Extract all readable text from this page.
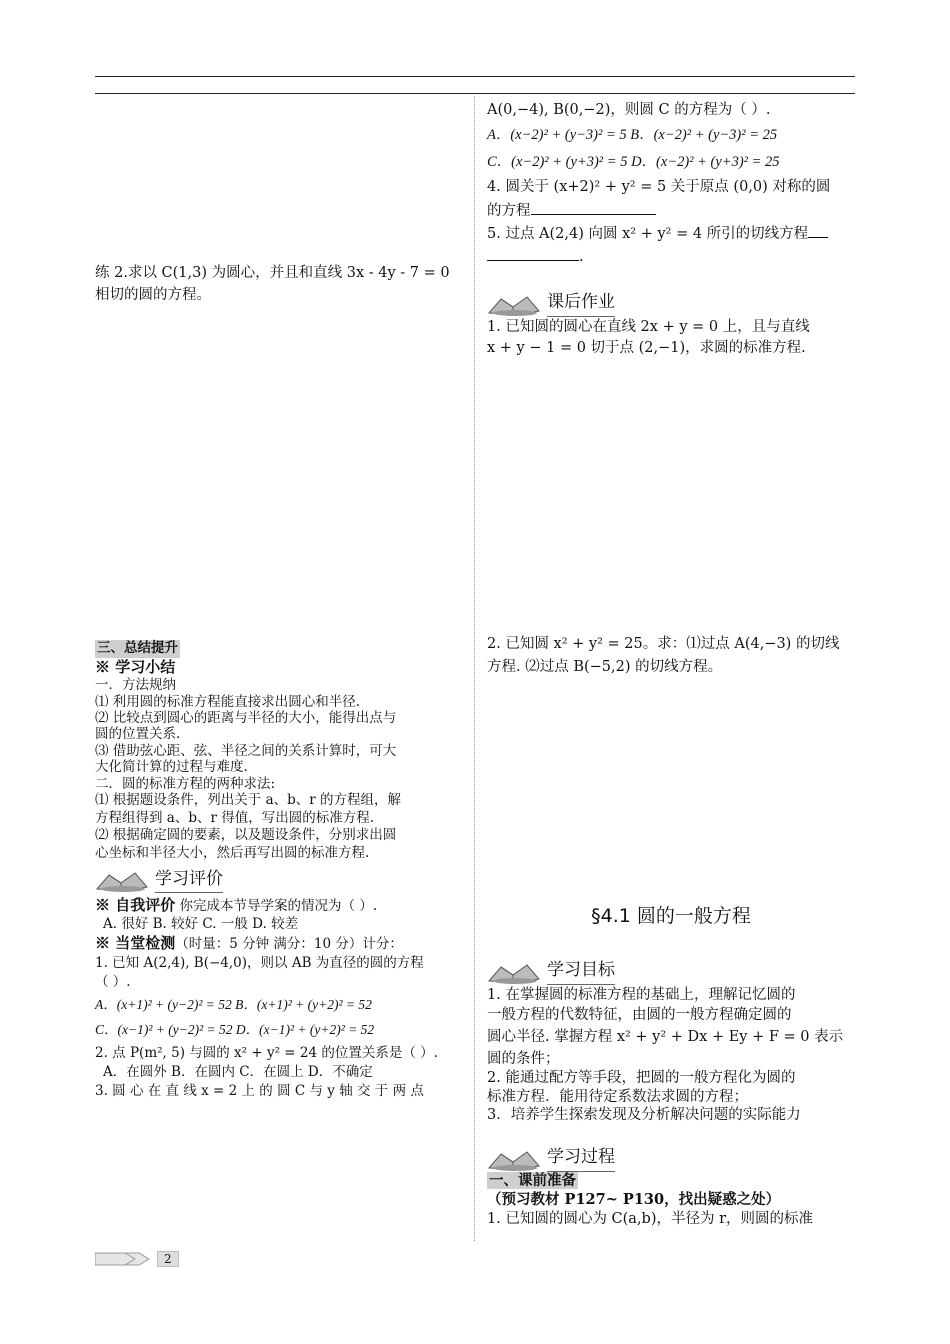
练 2.求以 C(1,3) 为圆心，并且和直线 3x - 4y - 7 = 0

相切的圆的方程。

三、总结提升

※ 学习小结

一．方法规纳

⑴ 利用圆的标准方程能直接求出圆心和半径.

⑵ 比较点到圆心的距离与半径的大小，能得出点与

圆的位置关系.

⑶ 借助弦心距、弦、半径之间的关系计算时，可大

大化简计算的过程与难度.

二．圆的标准方程的两种求法:

⑴ 根据题设条件，列出关于 a、b、r 的方程组，解

方程组得到 a、b、r 得值，写出圆的标准方程.

⑵ 根据确定圆的要素，以及题设条件，分别求出圆

心坐标和半径大小，然后再写出圆的标准方程.

学习评价

※ 自我评价 你完成本节导学案的情况为（ ）.

A. 很好 B. 较好 C. 一般 D. 较差

※ 当堂检测（时量：5 分钟 满分：10 分）计分：

1. 已知 A(2,4), B(−4,0)，则以 AB 为直径的圆的方程

（ ）.

A．(x+1)² + (y−2)² = 52 B．(x+1)² + (y+2)² = 52

C．(x−1)² + (y−2)² = 52 D．(x−1)² + (y+2)² = 52

2. 点 P(m², 5) 与圆的 x² + y² = 24 的位置关系是（ ）.

A．在圆外 B．在圆内 C．在圆上 D．不确定

3. 圆 心 在 直 线 x = 2 上 的 圆 C 与 y 轴 交 于 两 点

A(0,−4), B(0,−2)，则圆 C 的方程为（ ）.

A．(x−2)² + (y−3)² = 5 B．(x−2)² + (y−3)² = 25

C．(x−2)² + (y+3)² = 5 D．(x−2)² + (y+3)² = 25

4. 圆关于 (x+2)² + y² = 5 关于原点 (0,0) 对称的圆

的方程

5. 过点 A(2,4) 向圆 x² + y² = 4 所引的切线方程

.

课后作业

1. 已知圆的圆心在直线 2x + y = 0 上，且与直线

x + y − 1 = 0 切于点 (2,−1)，求圆的标准方程.

2. 已知圆 x² + y² = 25。求：⑴过点 A(4,−3) 的切线

方程. ⑵过点 B(−5,2) 的切线方程。

§4.1 圆的一般方程
学习目标

1. 在掌握圆的标准方程的基础上，理解记忆圆的

一般方程的代数特征，由圆的一般方程确定圆的

圆心半径. 掌握方程 x² + y² + Dx + Ey + F = 0 表示

圆的条件；

2. 能通过配方等手段，把圆的一般方程化为圆的

标准方程．能用待定系数法求圆的方程；

3．培养学生探索发现及分析解决问题的实际能力

学习过程

一、课前准备

（预习教材 P127~ P130，找出疑惑之处）

1. 已知圆的圆心为 C(a,b)，半径为 r，则圆的标准

2
